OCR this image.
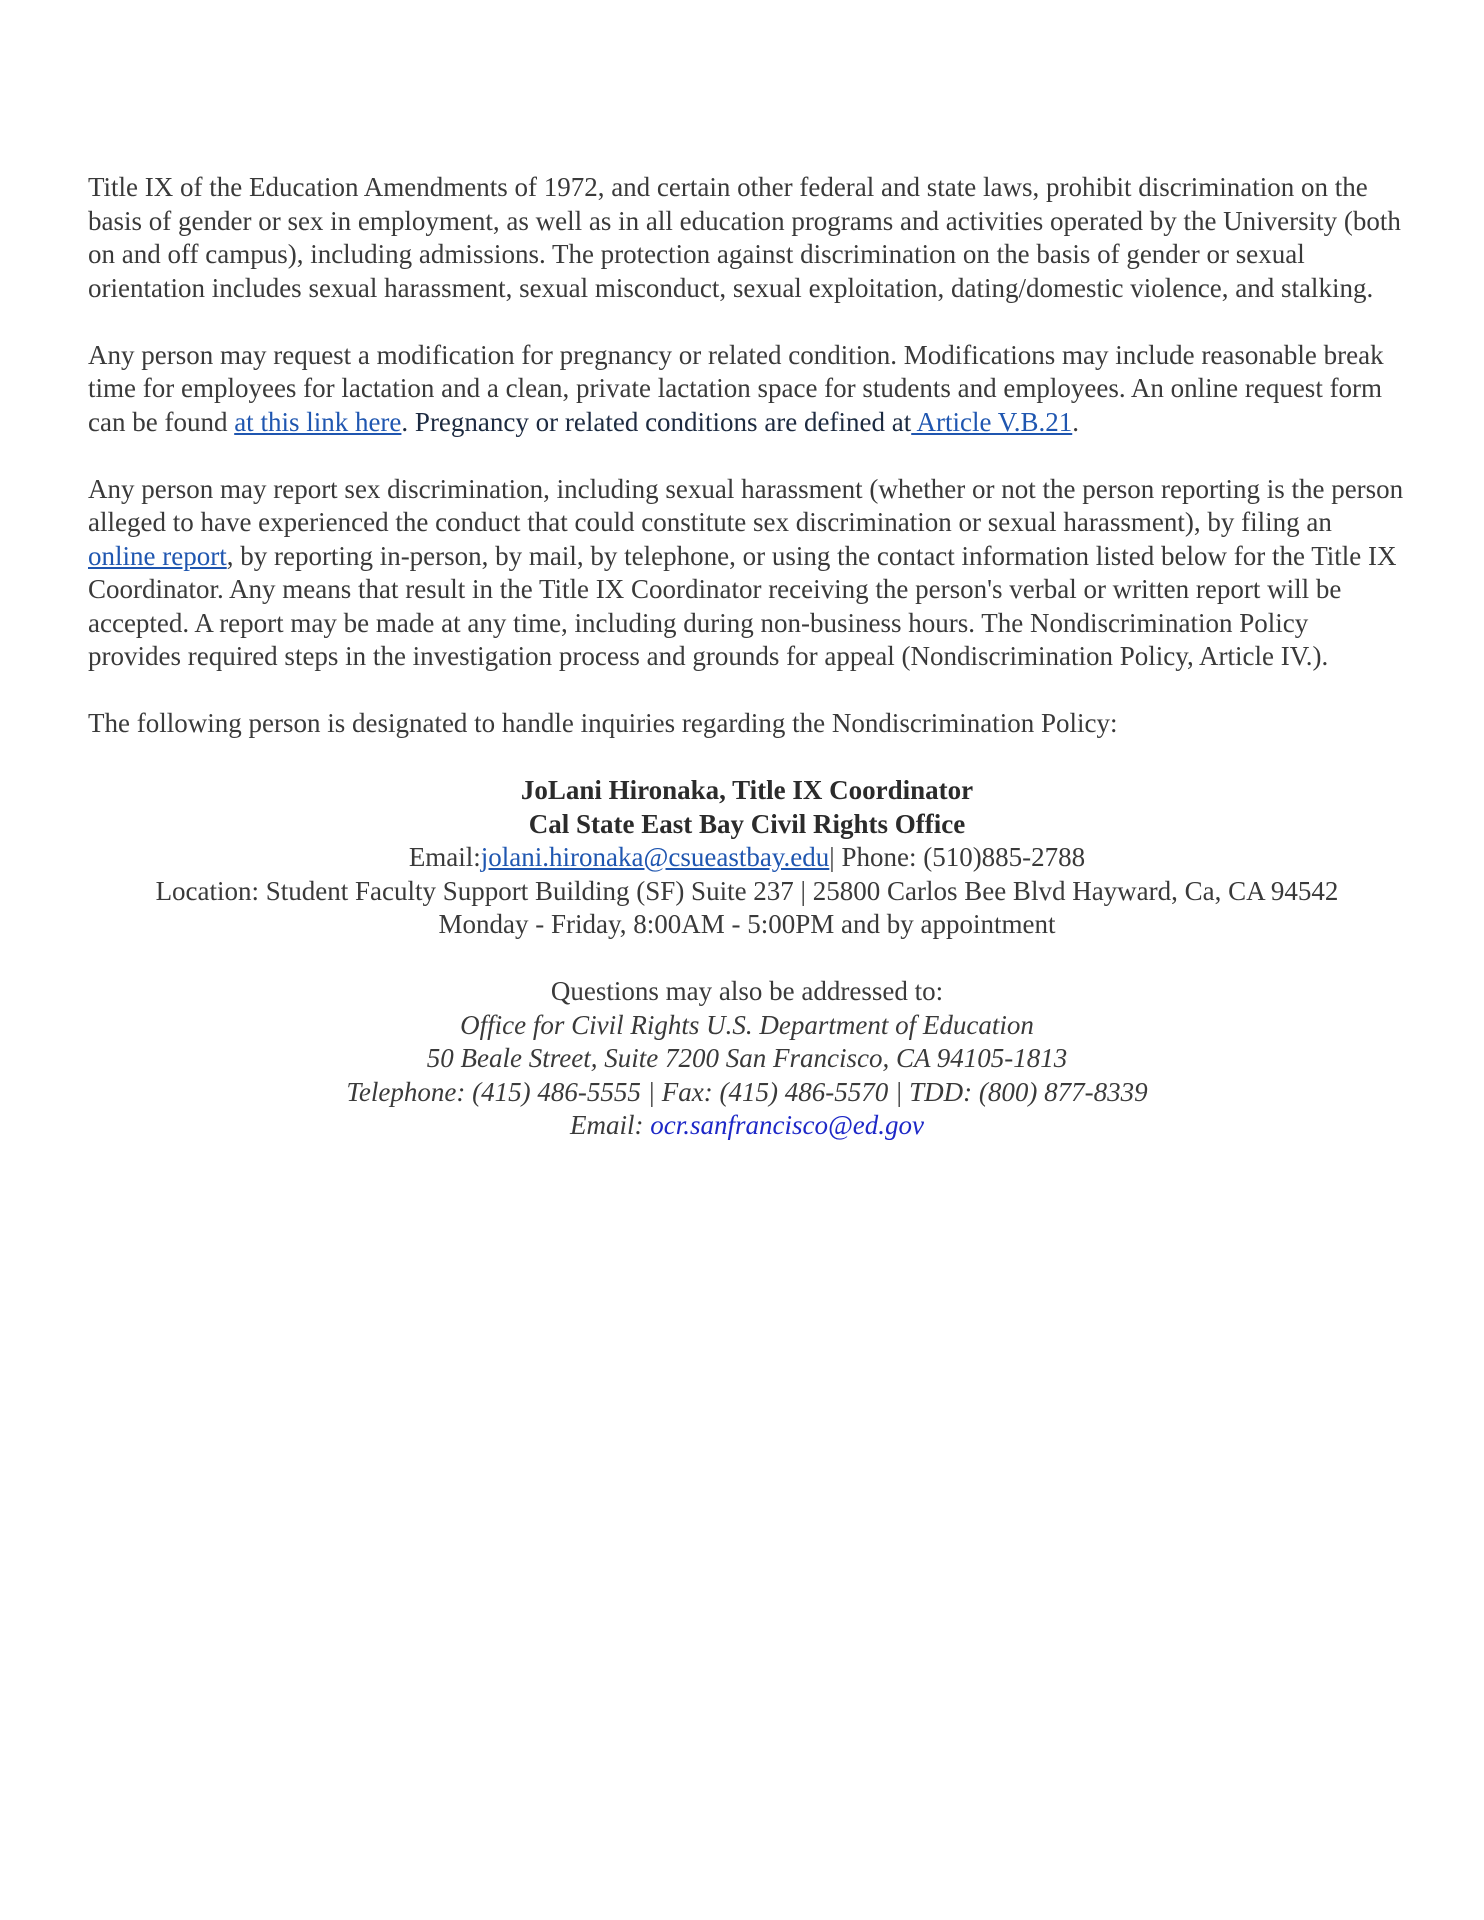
Title IX of the Education Amendments of 1972, and certain other federal and state laws, prohibit discrimination on the basis of gender or sex in employment, as well as in all education programs and activities operated by the University (both on and off campus), including admissions. The protection against discrimination on the basis of gender or sexual orientation includes sexual harassment, sexual misconduct, sexual exploitation, dating/domestic violence, and stalking.

Any person may request a modification for pregnancy or related condition. Modifications may include reasonable break time for employees for lactation and a clean, private lactation space for students and employees. An online request form can be found at this link here. Pregnancy or related conditions are defined at Article V.B.21.

Any person may report sex discrimination, including sexual harassment (whether or not the person reporting is the person alleged to have experienced the conduct that could constitute sex discrimination or sexual harassment), by filing an online report, by reporting in-person, by mail, by telephone, or using the contact information listed below for the Title IX Coordinator. Any means that result in the Title IX Coordinator receiving the person's verbal or written report will be accepted. A report may be made at any time, including during non-business hours. The Nondiscrimination Policy provides required steps in the investigation process and grounds for appeal (Nondiscrimination Policy, Article IV.).

The following person is designated to handle inquiries regarding the Nondiscrimination Policy:

JoLani Hironaka, Title IX Coordinator
Cal State East Bay Civil Rights Office
Email:jolani.hironaka@csueastbay.edu| Phone: (510)885-2788
Location: Student Faculty Support Building (SF) Suite 237 | 25800 Carlos Bee Blvd Hayward, Ca, CA 94542
Monday - Friday, 8:00AM - 5:00PM and by appointment
Questions may also be addressed to:
Office for Civil Rights U.S. Department of Education
50 Beale Street, Suite 7200 San Francisco, CA 94105-1813
Telephone: (415) 486-5555 | Fax: (415) 486-5570 | TDD: (800) 877-8339
Email: ocr.sanfrancisco@ed.gov
